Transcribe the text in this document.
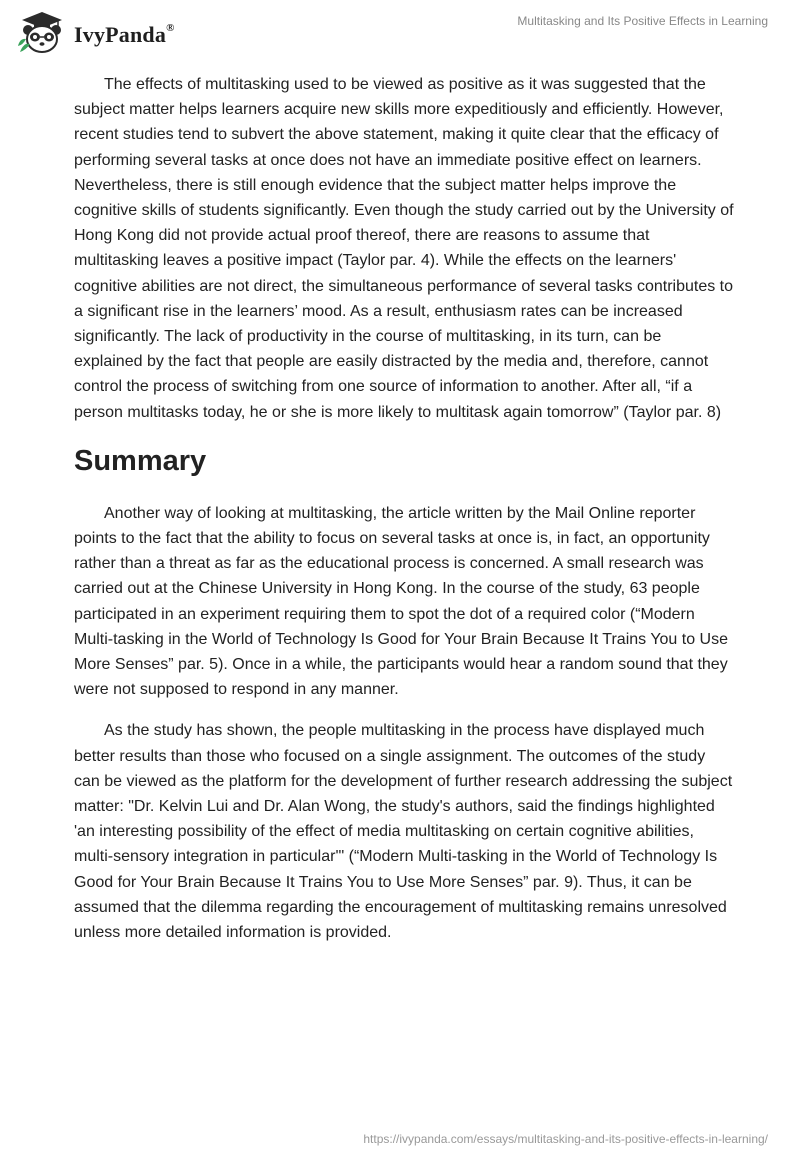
IvyPanda®
Multitasking and Its Positive Effects in Learning

The effects of multitasking used to be viewed as positive as it was suggested that the subject matter helps learners acquire new skills more expeditiously and efficiently. However, recent studies tend to subvert the above statement, making it quite clear that the efficacy of performing several tasks at once does not have an immediate positive effect on learners. Nevertheless, there is still enough evidence that the subject matter helps improve the cognitive skills of students significantly. Even though the study carried out by the University of Hong Kong did not provide actual proof thereof, there are reasons to assume that multitasking leaves a positive impact (Taylor par. 4). While the effects on the learners' cognitive abilities are not direct, the simultaneous performance of several tasks contributes to a significant rise in the learners’ mood. As a result, enthusiasm rates can be increased significantly. The lack of productivity in the course of multitasking, in its turn, can be explained by the fact that people are easily distracted by the media and, therefore, cannot control the process of switching from one source of information to another. After all, “if a person multitasks today, he or she is more likely to multitask again tomorrow” (Taylor par. 8)

Summary

Another way of looking at multitasking, the article written by the Mail Online reporter points to the fact that the ability to focus on several tasks at once is, in fact, an opportunity rather than a threat as far as the educational process is concerned. A small research was carried out at the Chinese University in Hong Kong. In the course of the study, 63 people participated in an experiment requiring them to spot the dot of a required color (“Modern Multi-tasking in the World of Technology Is Good for Your Brain Because It Trains You to Use More Senses” par. 5). Once in a while, the participants would hear a random sound that they were not supposed to respond in any manner.

As the study has shown, the people multitasking in the process have displayed much better results than those who focused on a single assignment. The outcomes of the study can be viewed as the platform for the development of further research addressing the subject matter: "Dr. Kelvin Lui and Dr. Alan Wong, the study's authors, said the findings highlighted 'an interesting possibility of the effect of media multitasking on certain cognitive abilities, multi-sensory integration in particular'" (“Modern Multi-tasking in the World of Technology Is Good for Your Brain Because It Trains You to Use More Senses” par. 9). Thus, it can be assumed that the dilemma regarding the encouragement of multitasking remains unresolved unless more detailed information is provided.

https://ivypanda.com/essays/multitasking-and-its-positive-effects-in-learning/
